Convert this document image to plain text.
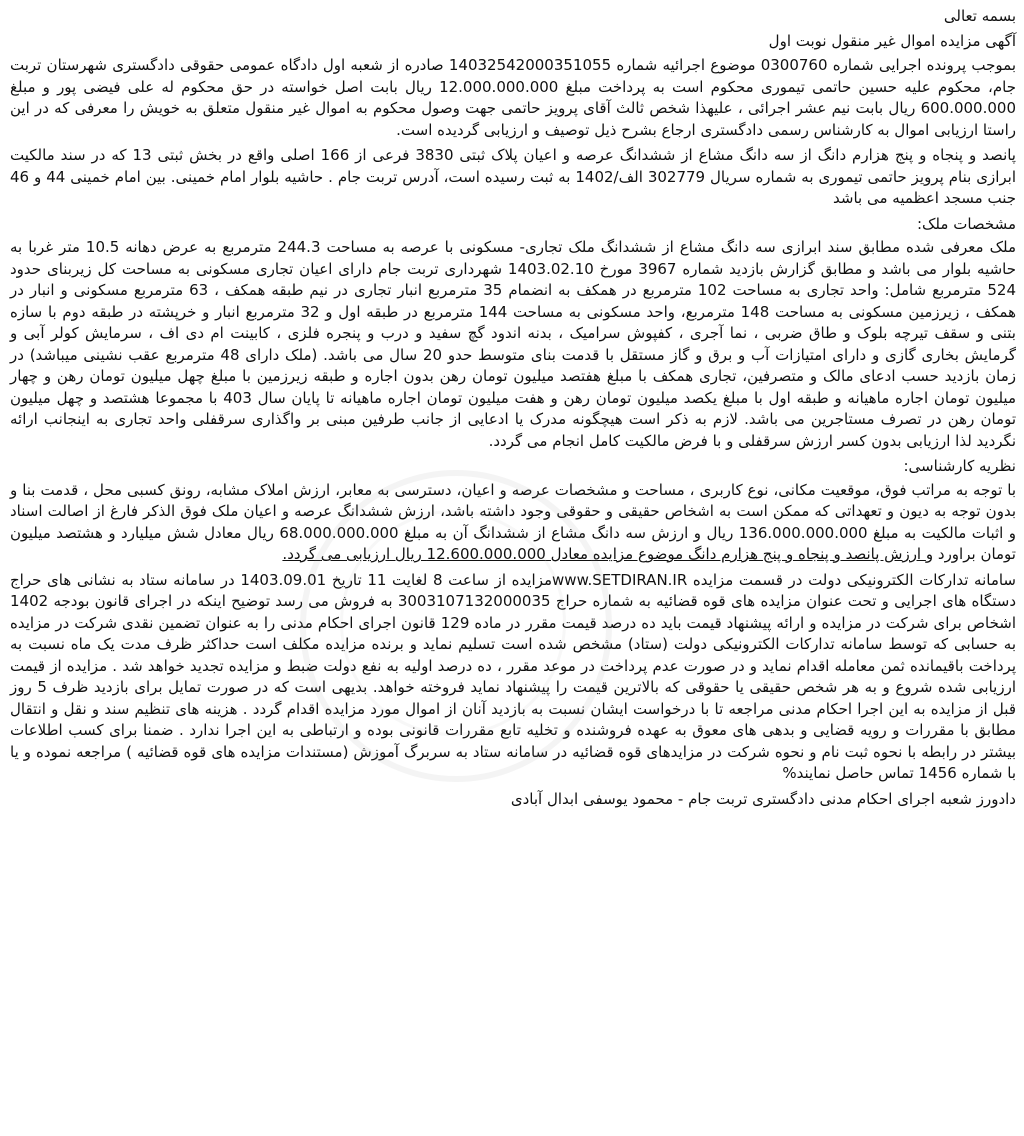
بسمه تعالی
آگهی مزایده اموال غیر منقول نوبت اول

بموجب پرونده اجرایی شماره 0300760 موضوع اجرائیه شماره 14032542000351055 صادره از شعبه اول دادگاه عمومی حقوقی دادگستری شهرستان تربت جام، محکوم علیه حسین حاتمی تیموری محکوم است به پرداخت مبلغ 12.000.000.000 ریال بابت اصل خواسته در حق محکوم له علی فیضی پور و مبلغ 600.000.000 ریال بابت نیم عشر اجرائی ، علیهذا شخص ثالث آقای پرویز حاتمی جهت وصول محکوم به اموال غیر منقول متعلق به خویش را معرفی که در این راستا ارزیابی اموال به کارشناس رسمی دادگستری ارجاع بشرح ذیل توصیف و ارزیابی گردیده است.

پانصد و پنجاه و پنج هزارم دانگ از سه دانگ مشاع از ششدانگ عرصه و اعیان پلاک ثبتی 3830 فرعی از 166 اصلی واقع در بخش ثبتی 13 که در سند مالکیت ابرازی بنام پرویز حاتمی تیموری به شماره سریال 302779 الف/1402 به ثبت رسیده است، آدرس تربت جام . حاشیه بلوار امام خمینی. بین امام خمینی 44 و 46 جنب مسجد اعظمیه می باشد

مشخصات ملک:

ملک معرفی شده مطابق سند ابرازی سه دانگ مشاع از ششدانگ ملک تجاری- مسکونی با عرصه به مساحت 244.3 مترمربع به عرض دهانه 10.5 متر غربا به حاشیه بلوار می باشد و مطابق گزارش بازدید شماره 3967 مورخ 1403.02.10 شهرداری تربت جام دارای اعیان تجاری مسکونی به مساحت کل زیربنای حدود 524 مترمربع شامل: واحد تجاری به مساحت 102 مترمربع در همکف به انضمام 35 مترمربع انبار تجاری در نیم طبقه همکف ، 63 مترمربع مسکونی و انبار در همکف ، زیرزمین مسکونی به مساحت 148 مترمربع، واحد مسکونی به مساحت 144 مترمربع در طبقه اول و 32 مترمربع انبار و خرپشته در طبقه دوم با سازه بتنی و سقف تیرچه بلوک و طاق ضربی ، نما آجری ، کفپوش سرامیک ، بدنه اندود گچ سفید و درب و پنجره فلزی ، کابینت ام دی اف ، سرمایش کولر آبی و گرمایش بخاری گازی و دارای امتیازات آب و برق و گاز مستقل با قدمت بنای متوسط حدو 20 سال می باشد. (ملک دارای 48 مترمربع عقب نشینی میباشد) در زمان بازدید حسب ادعای مالک و متصرفین، تجاری همکف با مبلغ هفتصد میلیون تومان رهن بدون اجاره و طبقه زیرزمین با مبلغ چهل میلیون تومان رهن و چهار میلیون تومان اجاره ماهیانه و طبقه اول با مبلغ یکصد میلیون تومان رهن و هفت میلیون تومان اجاره ماهیانه تا پایان سال 403 با مجموعا هشتصد و چهل میلیون تومان رهن در تصرف مستاجرین می باشد. لازم به ذکر است هیچگونه مدرک یا ادعایی از جانب طرفین مبنی بر واگذاری سرقفلی واحد تجاری به اینجانب ارائه نگردید لذا ارزیابی بدون کسر ارزش سرقفلی و با فرض مالکیت کامل انجام می گردد.

نظریه کارشناسی:

با توجه به مراتب فوق، موقعیت مکانی، نوع کاربری ، مساحت و مشخصات عرصه و اعیان، دسترسی به معابر، ارزش املاک مشابه، رونق کسبی محل ، قدمت بنا و بدون توجه به دیون و تعهداتی که ممکن است به اشخاص حقیقی و حقوقی وجود داشته باشد، ارزش ششدانگ عرصه و اعیان ملک فوق الذکر فارغ از اصالت اسناد و اثبات مالکیت به مبلغ 136.000.000.000 ریال و ارزش سه دانگ مشاع از ششدانگ آن به مبلغ 68.000.000.000 ریال معادل شش میلیارد و هشتصد میلیون تومان براورد و ارزش پانصد و پنجاه و پنج هزارم دانگ موضوع مزایده معادل 12.600.000.000 ریال ارزیابی می گردد.

سامانه تدارکات الکترونیکی دولت در قسمت مزایده www.SETDIRAN.IRمزایده از ساعت 8 لغایت 11 تاریخ 1403.09.01 در سامانه ستاد به نشانی های حراج دستگاه های اجرایی و تحت عنوان مزایده های قوه قضائیه به شماره حراج 3003107132000035 به فروش می رسد توضیح اینکه در اجرای قانون بودجه 1402 اشخاص برای شرکت در مزایده و ارائه پیشنهاد قیمت باید ده درصد قیمت مقرر در ماده 129 قانون اجرای احکام مدنی را به عنوان تضمین نقدی شرکت در مزایده به حسابی که توسط سامانه تدارکات الکترونیکی دولت (ستاد) مشخص شده است تسلیم نماید و برنده مزایده مکلف است حداکثر ظرف مدت یک ماه نسبت به پرداخت باقیمانده ثمن معامله اقدام نماید و در صورت عدم پرداخت در موعد مقرر ، ده درصد اولیه به نفع دولت ضبط و مزایده تجدید خواهد شد . مزایده از قیمت ارزیابی شده شروع و به هر شخص حقیقی یا حقوقی که بالاترین قیمت را پیشنهاد نماید فروخته خواهد. بدیهی است که در صورت تمایل برای بازدید ظرف 5 روز قبل از مزایده به این اجرا احکام مدنی مراجعه تا با درخواست ایشان نسبت به بازدید آنان از اموال مورد مزایده اقدام گردد . هزینه های تنظیم سند و نقل و انتقال مطابق با مقررات و رویه قضایی و بدهی های معوق به عهده فروشنده و تخلیه تابع مقررات قانونی بوده و ارتباطی به این اجرا ندارد . ضمنا برای کسب اطلاعات بیشتر در رابطه با نحوه ثبت نام و نحوه شرکت در مزایدهای قوه قضائیه در سامانه ستاد به سربرگ آموزش (مستندات مزایده های قوه قضائیه ) مراجعه نموده و یا با شماره 1456 تماس حاصل نمایند%

دادورز شعبه اجرای احکام مدنی دادگستری تربت جام - محمود یوسفی ابدال آبادی
